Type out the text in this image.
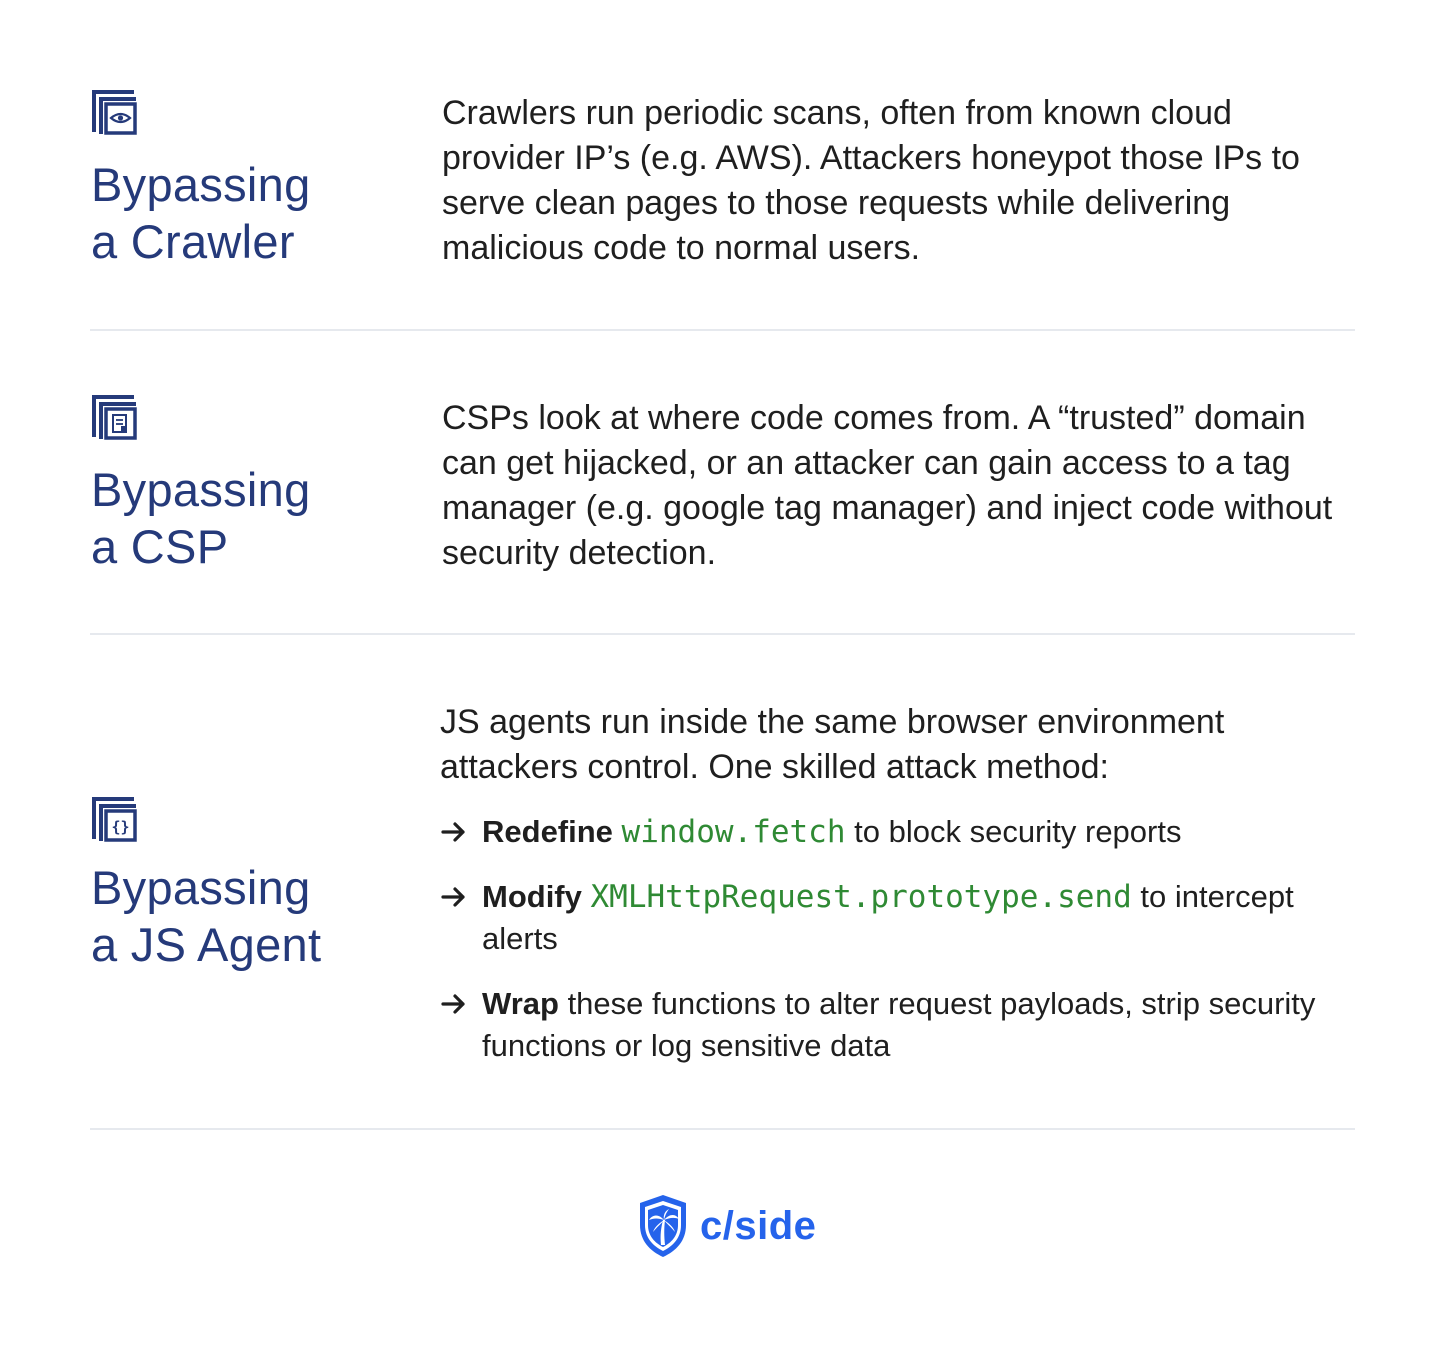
Bypassing
a Crawler

Crawlers run periodic scans, often from known cloud provider IP’s (e.g. AWS). Attackers honeypot those IPs to serve clean pages to those requests while delivering malicious code to normal users.

Bypassing
a CSP

CSPs look at where code comes from. A “trusted” domain can get hijacked, or an attacker can gain access to a tag manager (e.g. google tag manager) and inject code without security detection.

{}
Bypassing
a JS Agent

JS agents run inside the same browser environment attackers control. One skilled attack method:

Redefine window.fetch to block security reports
Modify XMLHttpRequest.prototype.send to intercept alerts
Wrap these functions to alter request payloads, strip security functions or log sensitive data
c/side
